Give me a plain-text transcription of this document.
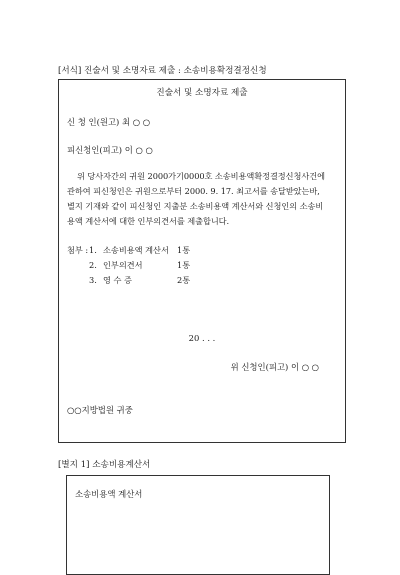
[서식] 진술서 및 소명자료 제출 : 소송비용확정결정신청
진술서 및 소명자료 제출
신 청 인(원고) 최 ○ ○
피신청인(피고) 이 ○ ○
위 당사자간의 귀원 2000가기0000호 소송비용액확정결정신청사건에
관하여 피신청인은 귀원으로부터 2000. 9. 17. 최고서를 송달받았는바,
별지 기재와 같이 피신청인 지출분 소송비용액 계산서와 신청인의 소송비
용액 계산서에 대한 인부의견서를 제출합니다.
첨부 : 1. 소송비용액 계산서 1통
2. 인부의견서	1통
3. 영 수 증	2통
20 . . .
위 신청인(피고) 이 ○ ○
○○지방법원 귀중
[별지 1] 소송비용계산서
소송비용액 계산서
